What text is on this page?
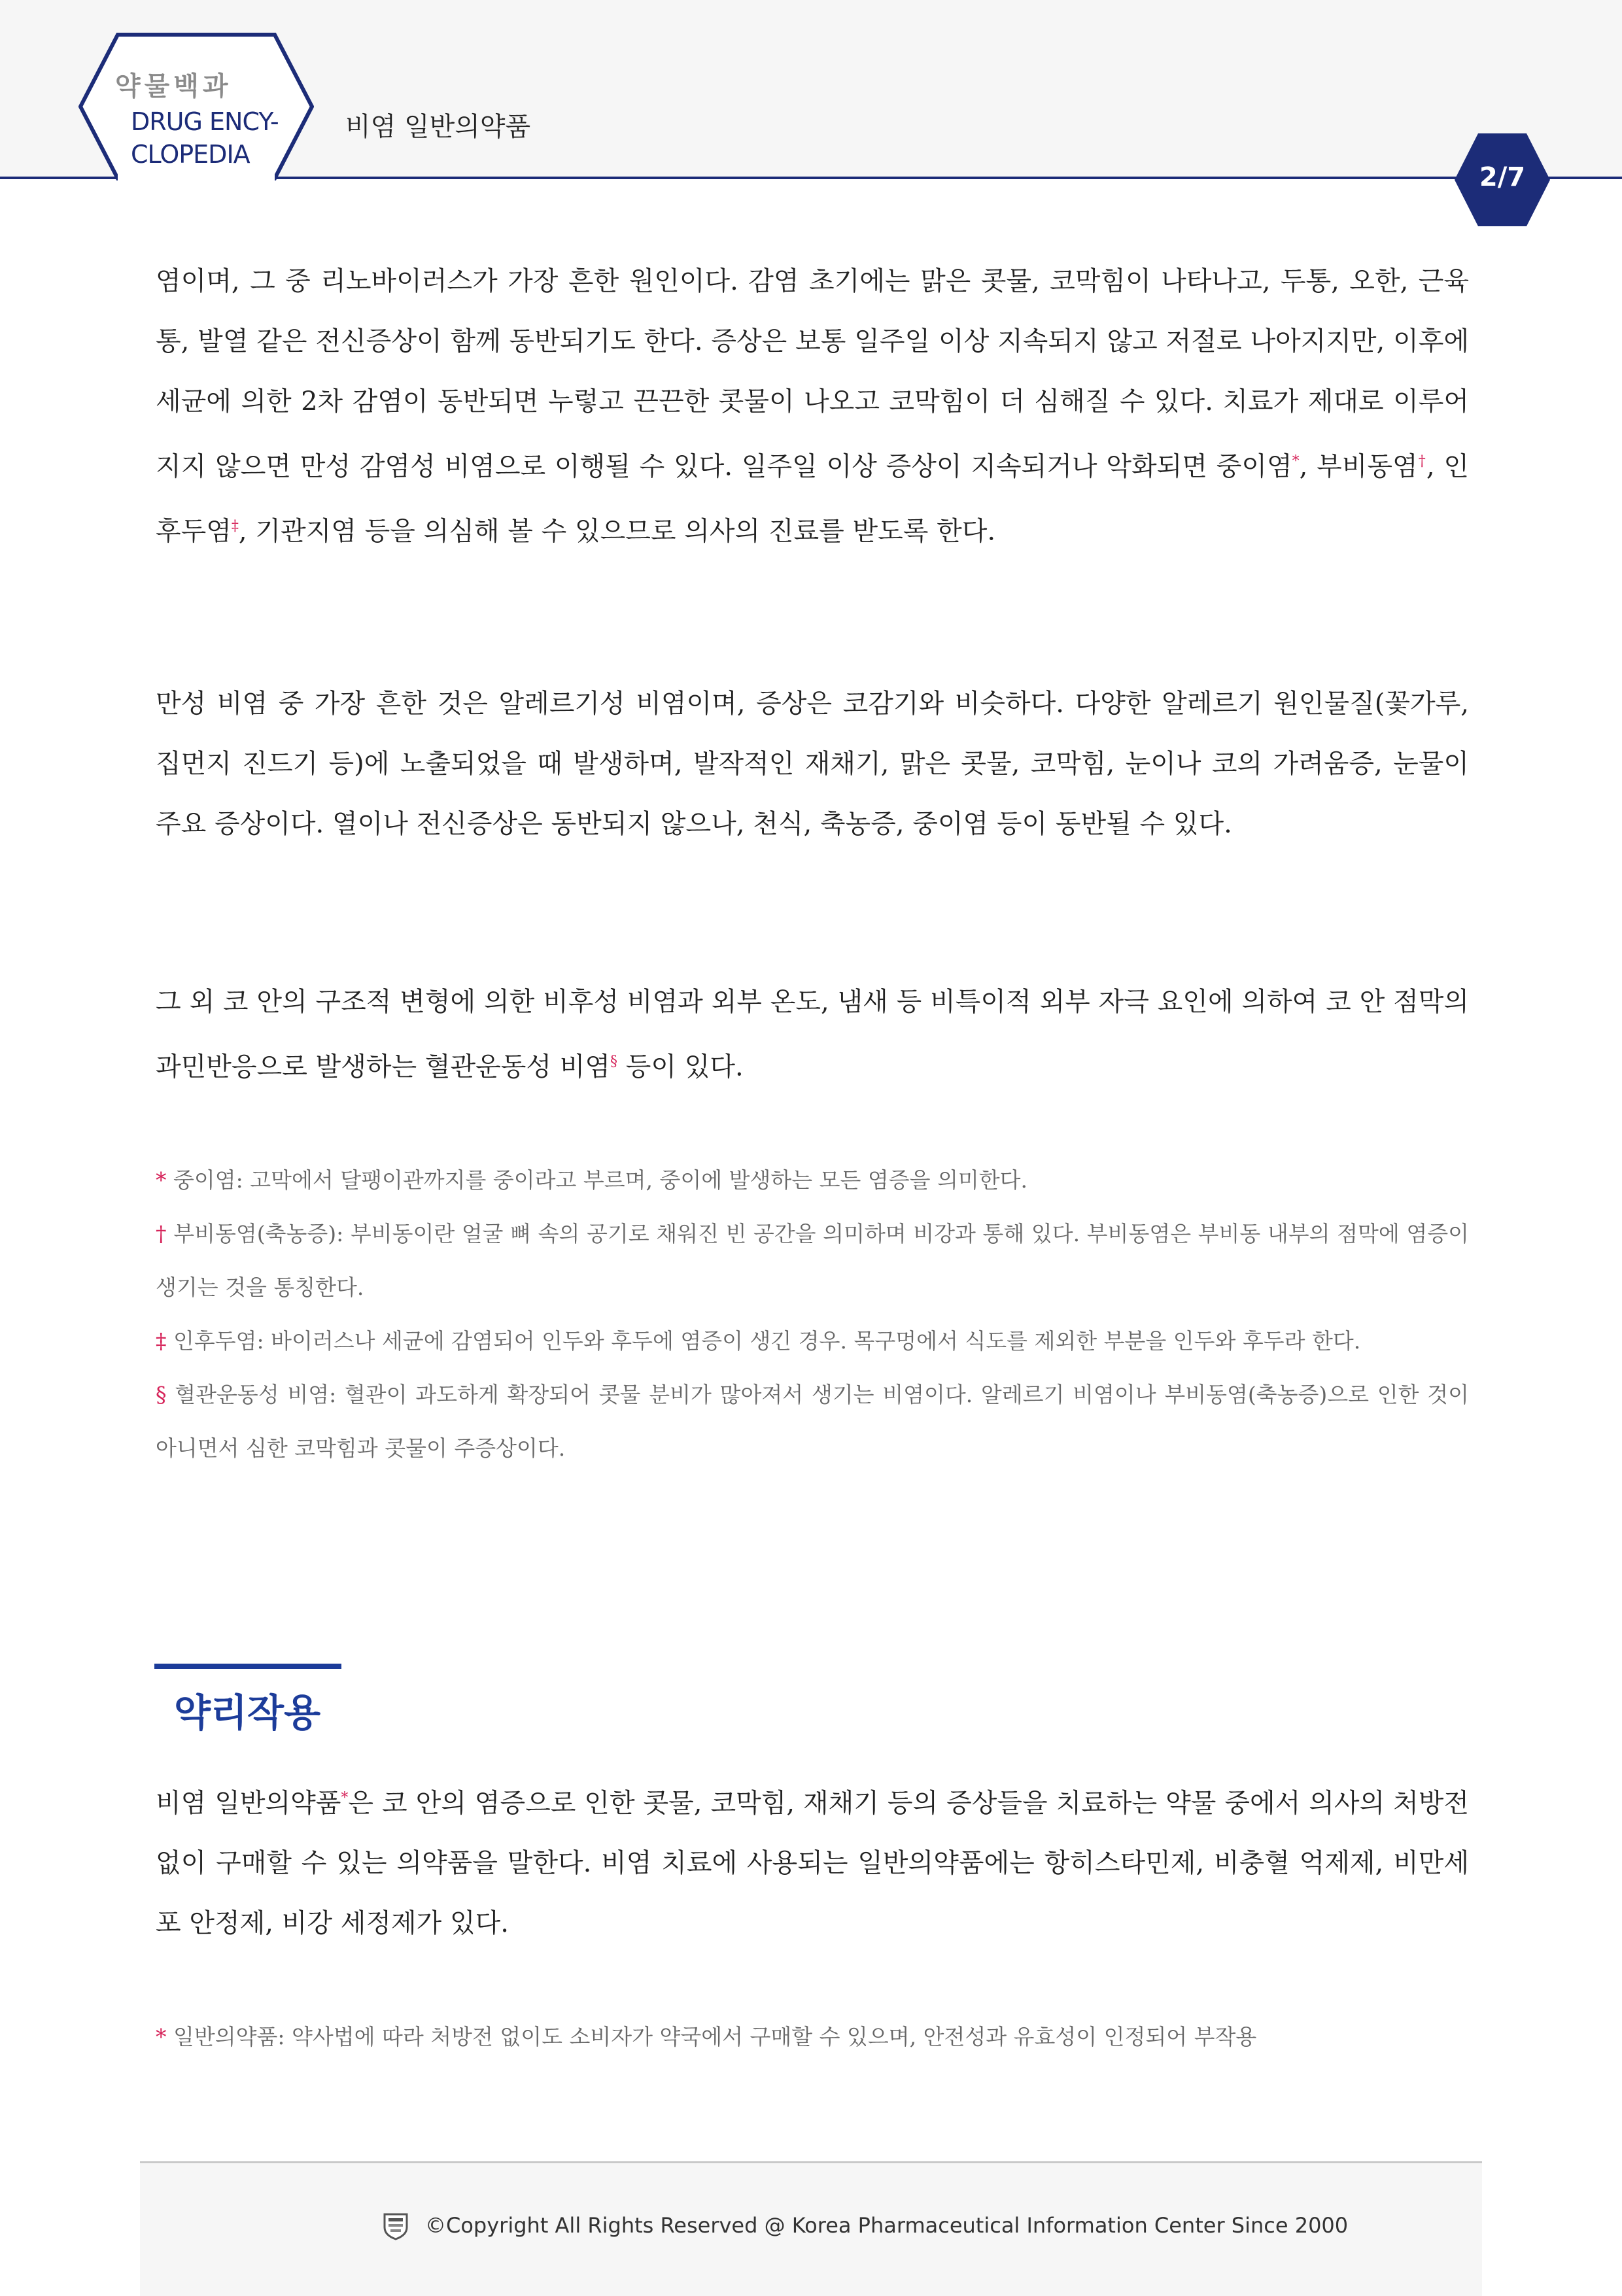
약물백과
DRUG ENCY-
CLOPEDIA
비염 일반의약품
2/7
염이며, 그 중 리노바이러스가 가장 흔한 원인이다. 감염 초기에는 맑은 콧물, 코막힘이 나타나고, 두통, 오한, 근육통, 발열 같은 전신증상이 함께 동반되기도 한다. 증상은 보통 일주일 이상 지속되지 않고 저절로 나아지지만, 이후에 세균에 의한 2차 감염이 동반되면 누렇고 끈끈한 콧물이 나오고 코막힘이 더 심해질 수 있다. 치료가 제대로 이루어지지 않으면 만성 감염성 비염으로 이행될 수 있다. 일주일 이상 증상이 지속되거나 악화되면 중이염*, 부비동염†, 인후두염‡, 기관지염 등을 의심해 볼 수 있으므로 의사의 진료를 받도록 한다.
만성 비염 중 가장 흔한 것은 알레르기성 비염이며, 증상은 코감기와 비슷하다. 다양한 알레르기 원인물질(꽃가루, 집먼지 진드기 등)에 노출되었을 때 발생하며, 발작적인 재채기, 맑은 콧물, 코막힘, 눈이나 코의 가려움증, 눈물이 주요 증상이다. 열이나 전신증상은 동반되지 않으나, 천식, 축농증, 중이염 등이 동반될 수 있다.
그 외 코 안의 구조적 변형에 의한 비후성 비염과 외부 온도, 냄새 등 비특이적 외부 자극 요인에 의하여 코 안 점막의 과민반응으로 발생하는 혈관운동성 비염§ 등이 있다.
* 중이염: 고막에서 달팽이관까지를 중이라고 부르며, 중이에 발생하는 모든 염증을 의미한다.
† 부비동염(축농증): 부비동이란 얼굴 뼈 속의 공기로 채워진 빈 공간을 의미하며 비강과 통해 있다. 부비동염은 부비동 내부의 점막에 염증이 생기는 것을 통칭한다.
‡ 인후두염: 바이러스나 세균에 감염되어 인두와 후두에 염증이 생긴 경우. 목구멍에서 식도를 제외한 부분을 인두와 후두라 한다.
§ 혈관운동성 비염: 혈관이 과도하게 확장되어 콧물 분비가 많아져서 생기는 비염이다. 알레르기 비염이나 부비동염(축농증)으로 인한 것이 아니면서 심한 코막힘과 콧물이 주증상이다.
약리작용
비염 일반의약품*은 코 안의 염증으로 인한 콧물, 코막힘, 재채기 등의 증상들을 치료하는 약물 중에서 의사의 처방전 없이 구매할 수 있는 의약품을 말한다. 비염 치료에 사용되는 일반의약품에는 항히스타민제, 비충혈 억제제, 비만세포 안정제, 비강 세정제가 있다.
* 일반의약품: 약사법에 따라 처방전 없이도 소비자가 약국에서 구매할 수 있으며, 안전성과 유효성이 인정되어 부작용
©Copyright All Rights Reserved @ Korea Pharmaceutical Information Center Since 2000
